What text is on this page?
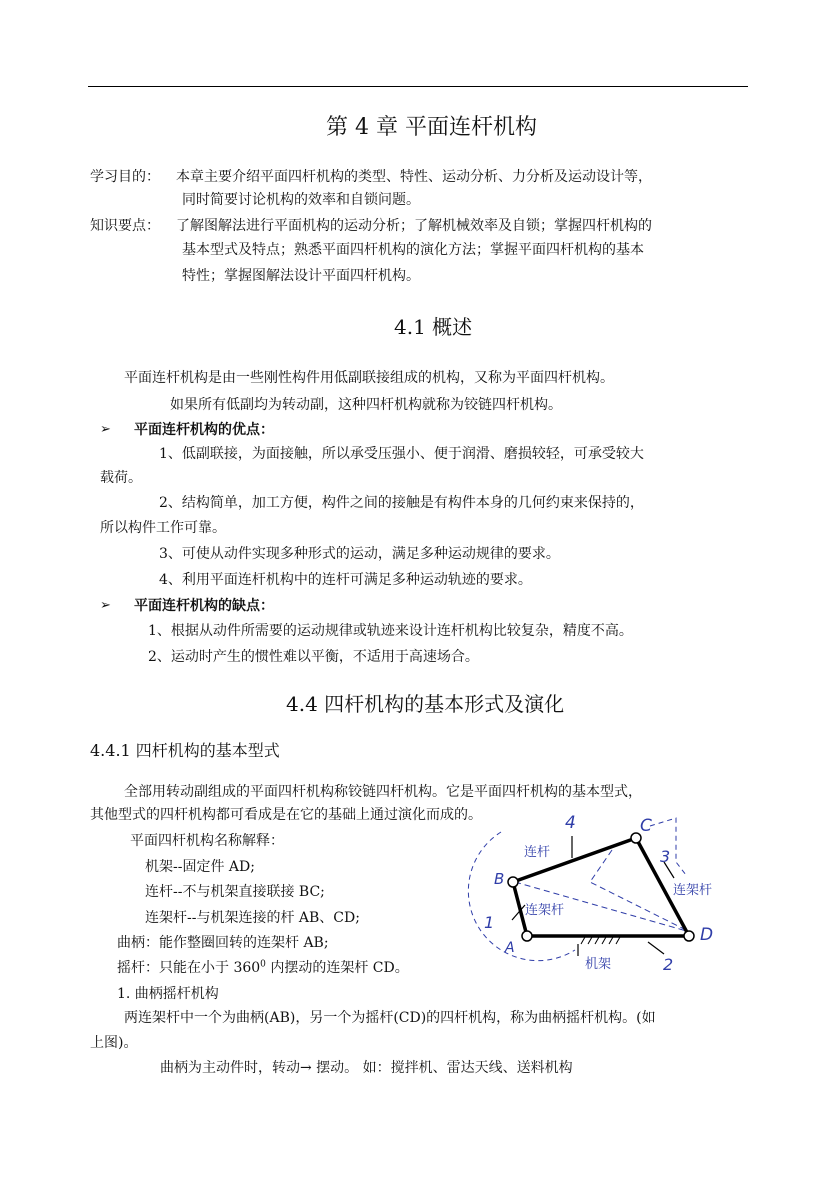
第 4 章 平面连杆机构
学习目的： 本章主要介绍平面四杆机构的类型、特性、运动分析、力分析及运动设计等，
同时简要讨论机构的效率和自锁问题。
知识要点： 了解图解法进行平面机构的运动分析；了解机械效率及自锁；掌握四杆机构的
基本型式及特点；熟悉平面四杆机构的演化方法；掌握平面四杆机构的基本
特性；掌握图解法设计平面四杆机构。
4.1 概述
平面连杆机构是由一些刚性构件用低副联接组成的机构，又称为平面四杆机构。
如果所有低副均为转动副，这种四杆机构就称为铰链四杆机构。
➢ 平面连杆机构的优点：
1、低副联接，为面接触，所以承受压强小、便于润滑、磨损较轻，可承受较大
载荷。
2、结构简单，加工方便，构件之间的接触是有构件本身的几何约束来保持的，
所以构件工作可靠。
3、可使从动件实现多种形式的运动，满足多种运动规律的要求。
4、利用平面连杆机构中的连杆可满足多种运动轨迹的要求。
➢ 平面连杆机构的缺点：
1、根据从动件所需要的运动规律或轨迹来设计连杆机构比较复杂，精度不高。
2、运动时产生的惯性难以平衡，不适用于高速场合。
4.4 四杆机构的基本形式及演化
4.4.1 四杆机构的基本型式
全部用转动副组成的平面四杆机构称铰链四杆机构。它是平面四杆机构的基本型式，
其他型式的四杆机构都可看成是在它的基础上通过演化而成的。
平面四杆机构名称解释：
机架--固定件 AD;
连杆--不与机架直接联接 BC;
连架杆--与机架连接的杆 AB、CD;
曲柄：能作整圈回转的连架杆 AB;
摇杆：只能在小于 $360^0$ 内摆动的连架杆 CD。
1. 曲柄摇杆机构
两连架杆中一个为曲柄(AB)，另一个为摇杆(CD)的四杆机构，称为曲柄摇杆机构。(如
上图)。
曲柄为主动件时，转动→ 摆动。 如：搅拌机、雷达天线、送料机构
A
B
C
D
1
2
3
4
连杆
连架杆
连架杆
机架
